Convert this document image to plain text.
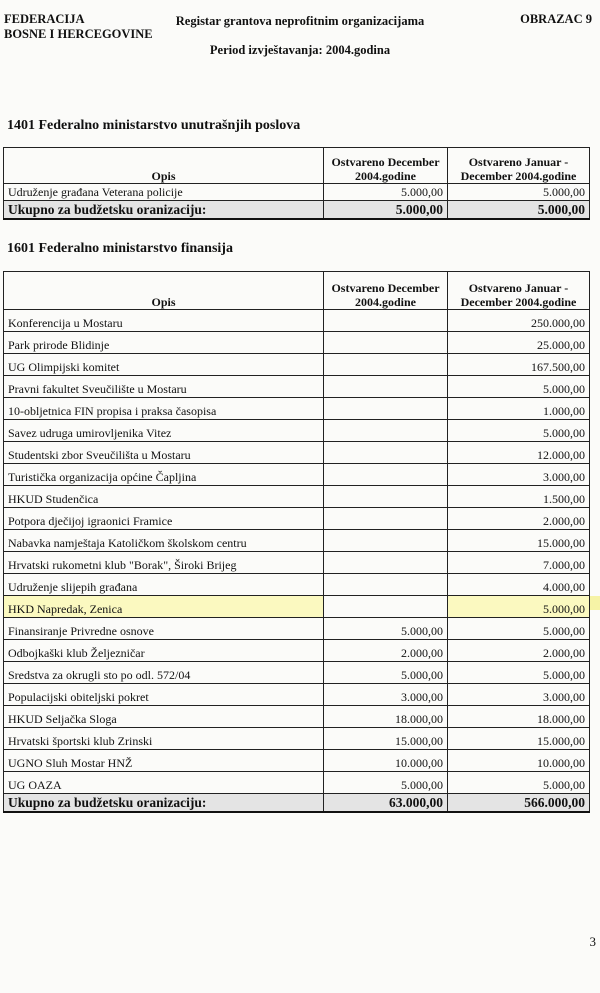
FEDERACIJA
BOSNE I HERCEGOVINE
Registar grantova neprofitnim organizacijama
Period izvještavanja: 2004.godina
OBRAZAC 9
1401 Federalno ministarstvo unutrašnjih poslova
Opis	Ostvareno December 2004.godine	Ostvareno Januar - December 2004.godine
Udruženje građana Veterana policije	5.000,00	5.000,00
Ukupno za budžetsku oranizaciju:	5.000,00	5.000,00
1601 Federalno ministarstvo finansija
Opis	Ostvareno December 2004.godine	Ostvareno Januar - December 2004.godine
Konferencija u Mostaru		250.000,00
Park prirode Blidinje		25.000,00
UG Olimpijski komitet		167.500,00
Pravni fakultet Sveučilište u Mostaru		5.000,00
10-obljetnica FIN propisa i praksa časopisa		1.000,00
Savez udruga umirovljenika Vitez		5.000,00
Studentski zbor Sveučilišta u Mostaru		12.000,00
Turistička organizacija općine Čapljina		3.000,00
HKUD Studenčica		1.500,00
Potpora dječijoj igraonici Framice		2.000,00
Nabavka namještaja Katoličkom školskom centru		15.000,00
Hrvatski rukometni klub "Borak", Široki Brijeg		7.000,00
Udruženje slijepih građana		4.000,00
HKD Napredak, Zenica		5.000,00
Finansiranje Privredne osnove	5.000,00	5.000,00
Odbojkaški klub Željezničar	2.000,00	2.000,00
Sredstva za okrugli sto po odl. 572/04	5.000,00	5.000,00
Populacijski obiteljski pokret	3.000,00	3.000,00
HKUD Seljačka Sloga	18.000,00	18.000,00
Hrvatski športski klub Zrinski	15.000,00	15.000,00
UGNO Sluh Mostar HNŽ	10.000,00	10.000,00
UG OAZA	5.000,00	5.000,00
Ukupno za budžetsku oranizaciju:	63.000,00	566.000,00
3
